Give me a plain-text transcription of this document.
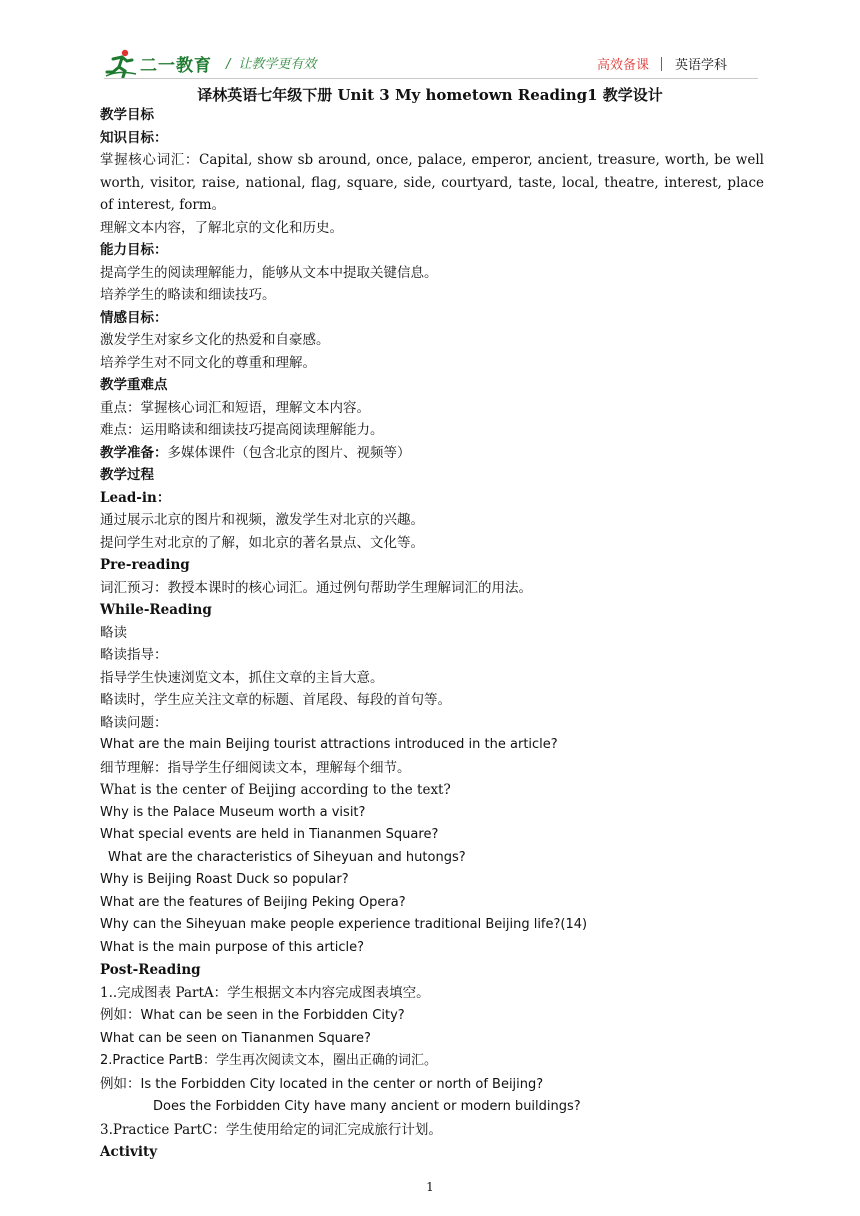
二一教育 / 让教学更有效	高效备课 英语学科
译林英语七年级下册 Unit 3 My hometown Reading1 教学设计
教学目标
知识目标：
掌握核心词汇：Capital, show sb around, once, palace, emperor, ancient, treasure, worth, be well worth, visitor, raise, national, flag, square, side, courtyard, taste, local, theatre, interest, place of interest, form。
理解文本内容，了解北京的文化和历史。
能力目标：
提高学生的阅读理解能力，能够从文本中提取关键信息。
培养学生的略读和细读技巧。
情感目标：
激发学生对家乡文化的热爱和自豪感。
培养学生对不同文化的尊重和理解。
教学重难点
重点：掌握核心词汇和短语，理解文本内容。
难点：运用略读和细读技巧提高阅读理解能力。
教学准备：多媒体课件（包含北京的图片、视频等）
教学过程
Lead-in：
通过展示北京的图片和视频，激发学生对北京的兴趣。
提问学生对北京的了解，如北京的著名景点、文化等。
Pre-reading
词汇预习：教授本课时的核心词汇。通过例句帮助学生理解词汇的用法。
While-Reading
略读
略读指导：
指导学生快速浏览文本，抓住文章的主旨大意。
略读时，学生应关注文章的标题、首尾段、每段的首句等。
略读问题：
What are the main Beijing tourist attractions introduced in the article?
细节理解：指导学生仔细阅读文本，理解每个细节。
What is the center of Beijing according to the text?
Why is the Palace Museum worth a visit?
What special events are held in Tiananmen Square?
What are the characteristics of Siheyuan and hutongs?
Why is Beijing Roast Duck so popular?
What are the features of Beijing Peking Opera?
Why can the Siheyuan make people experience traditional Beijing life?(14)
What is the main purpose of this article?
Post-Reading
1..完成图表 PartA：学生根据文本内容完成图表填空。
例如：What can be seen in the Forbidden City?
What can be seen on Tiananmen Square?
2.Practice PartB：学生再次阅读文本，圈出正确的词汇。
例如：Is the Forbidden City located in the center or north of Beijing?
Does the Forbidden City have many ancient or modern buildings?
3.Practice PartC：学生使用给定的词汇完成旅行计划。
Activity
1
